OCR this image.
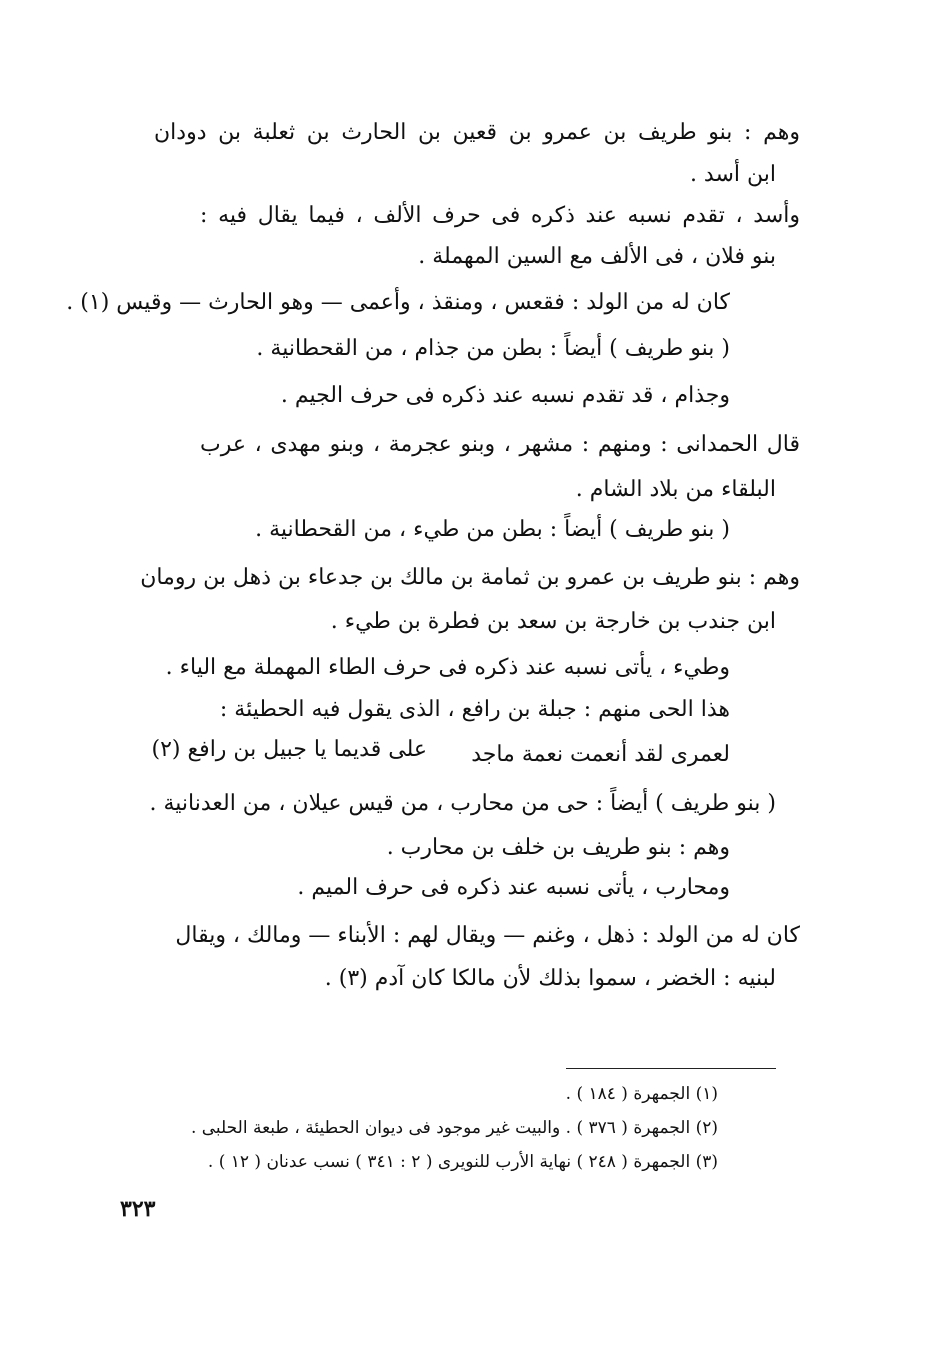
وهم : بنو طريف بن عمرو بن قعين بن الحارث بن ثعلبة بن دودان
ابن أسد .
وأسد ، تقدم نسبه عند ذكره فى حرف الألف ، فيما يقال فيه :
بنو فلان ، فى الألف مع السين المهملة .
كان له من الولد : فقعس ، ومنقذ ، وأعمى — وهو الحارث — وقيس (١) .
( بنو طريف ) أيضاً : بطن من جذام ، من القحطانية .
وجذام ، قد تقدم نسبه عند ذكره فى حرف الجيم .
قال الحمدانى : ومنهم : مشهر ، وبنو عجرمة ، وبنو مهدى ، عرب
البلقاء من بلاد الشام .
( بنو طريف ) أيضاً : بطن من طيء ، من القحطانية .
وهم : بنو طريف بن عمرو بن ثمامة بن مالك بن جدعاء بن ذهل بن رومان
ابن جندب بن خارجة بن سعد بن فطرة بن طيء .
وطيء ، يأتى نسبه عند ذكره فى حرف الطاء المهملة مع الياء .
هذا الحى منهم : جبلة بن رافع ، الذى يقول فيه الحطيئة :
لعمرى لقد أنعمت نعمة ماجد
على قديما يا جبيل بن رافع (٢)
( بنو طريف ) أيضاً : حى من محارب ، من قيس عيلان ، من العدنانية .
وهم : بنو طريف بن خلف بن محارب .
ومحارب ، يأتى نسبه عند ذكره فى حرف الميم .
كان له من الولد : ذهل ، وغنم — ويقال لهم : الأبناء — ومالك ، ويقال
لبنيه : الخضر ، سموا بذلك لأن مالكا كان آدم (٣) .
(١) الجمهرة ( ١٨٤ ) .
(٢) الجمهرة ( ٣٧٦ ) . والبيت غير موجود فى ديوان الحطيئة ، طبعة الحلبى .
(٣) الجمهرة ( ٢٤٨ ) نهاية الأرب للنويرى ( ٢ : ٣٤١ ) نسب عدنان ( ١٢ ) .
٣٢٣
